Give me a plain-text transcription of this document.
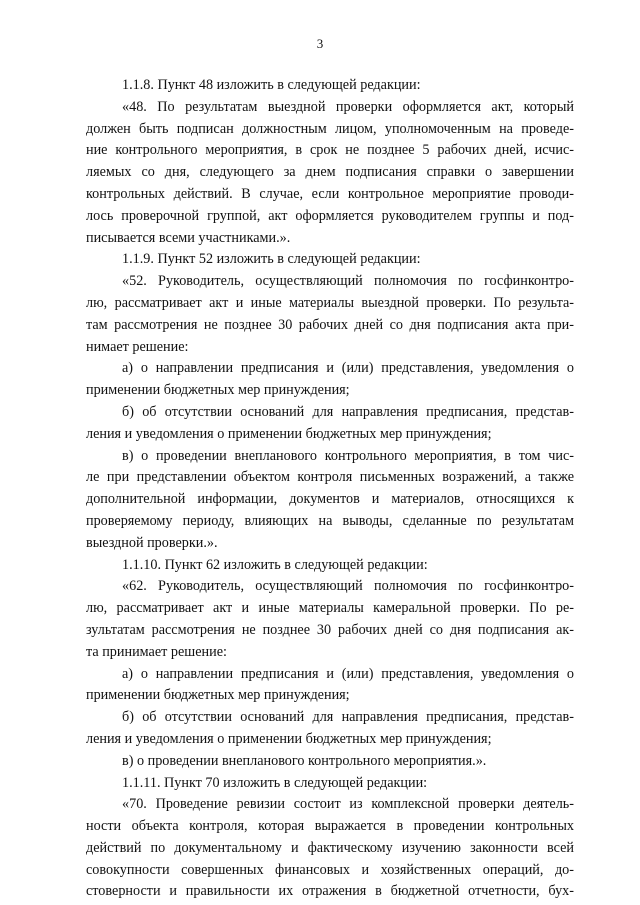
3
1.1.8. Пункт 48 изложить в следующей редакции:
«48. По результатам выездной проверки оформляется акт, который
должен быть подписан должностным лицом, уполномоченным на проведе-
ние контрольного мероприятия, в срок не позднее 5 рабочих дней, исчис-
ляемых со дня, следующего за днем подписания справки о завершении
контрольных действий. В случае, если контрольное мероприятие проводи-
лось проверочной группой, акт оформляется руководителем группы и под-
писывается всеми участниками.».
1.1.9. Пункт 52 изложить в следующей редакции:
«52. Руководитель, осуществляющий полномочия по госфинконтро-
лю, рассматривает акт и иные материалы выездной проверки. По результа-
там рассмотрения не позднее 30 рабочих дней со дня подписания акта при-
нимает решение:
а) о направлении предписания и (или) представления, уведомления о
применении бюджетных мер принуждения;
б) об отсутствии оснований для направления предписания, представ-
ления и уведомления о применении бюджетных мер принуждения;
в) о проведении внепланового контрольного мероприятия, в том чис-
ле при представлении объектом контроля письменных возражений, а также
дополнительной информации, документов и материалов, относящихся к
проверяемому периоду, влияющих на выводы, сделанные по результатам
выездной проверки.».
1.1.10. Пункт 62 изложить в следующей редакции:
«62. Руководитель, осуществляющий полномочия по госфинконтро-
лю, рассматривает акт и иные материалы камеральной проверки. По ре-
зультатам рассмотрения не позднее 30 рабочих дней со дня подписания ак-
та принимает решение:
а) о направлении предписания и (или) представления, уведомления о
применении бюджетных мер принуждения;
б) об отсутствии оснований для направления предписания, представ-
ления и уведомления о применении бюджетных мер принуждения;
в) о проведении внепланового контрольного мероприятия.».
1.1.11. Пункт 70 изложить в следующей редакции:
«70. Проведение ревизии состоит из комплексной проверки деятель-
ности объекта контроля, которая выражается в проведении контрольных
действий по документальному и фактическому изучению законности всей
совокупности совершенных финансовых и хозяйственных операций, до-
стоверности и правильности их отражения в бюджетной отчетности, бух-
